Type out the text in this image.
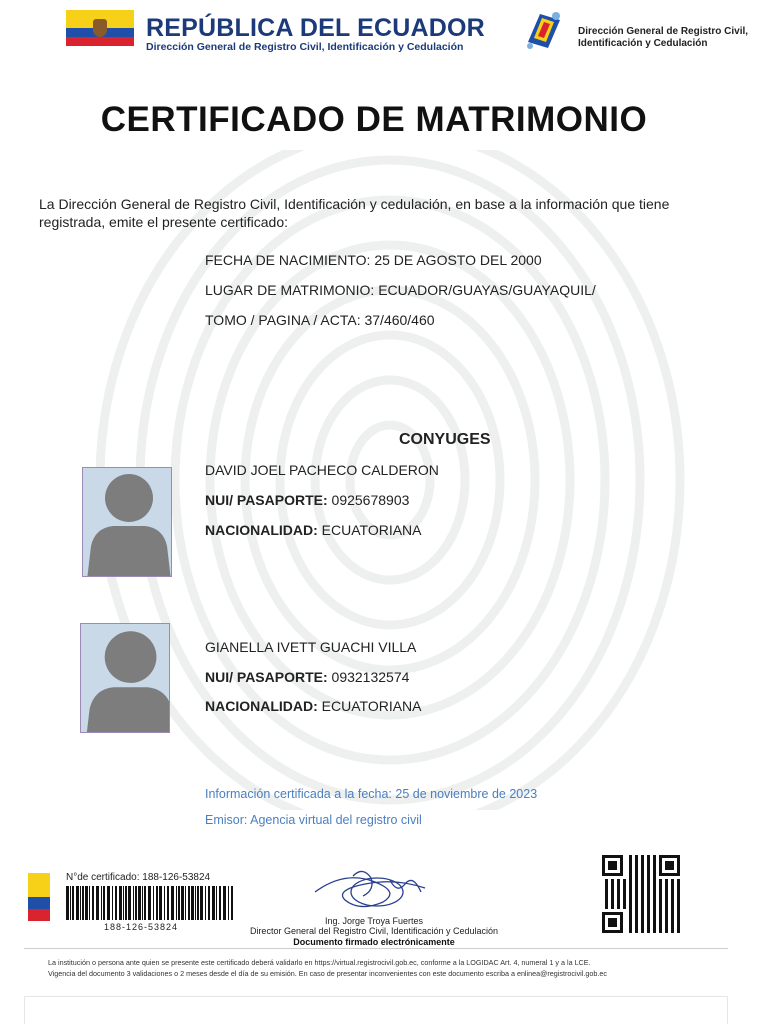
REPÚBLICA DEL ECUADOR
Dirección General de Registro Civil, Identificación y Cedulación
Dirección General de Registro Civil,
Identificación y Cedulación
CERTIFICADO DE MATRIMONIO
La Dirección General de Registro Civil, Identificación y cedulación, en base a la información que tiene registrada, emite el presente certificado:
FECHA DE NACIMIENTO: 25 DE AGOSTO DEL 2000
LUGAR DE MATRIMONIO: ECUADOR/GUAYAS/GUAYAQUIL/
TOMO / PAGINA / ACTA: 37/460/460
CONYUGES
DAVID JOEL PACHECO CALDERON
NUI/ PASAPORTE: 0925678903
NACIONALIDAD: ECUATORIANA
GIANELLA IVETT GUACHI VILLA
NUI/ PASAPORTE: 0932132574
NACIONALIDAD: ECUATORIANA
Información certificada a la fecha: 25 de noviembre de 2023
Emisor: Agencia virtual del registro civil
N°de certificado: 188-126-53824
188-126-53824
Ing. Jorge Troya Fuertes
Director General del Registro Civil, Identificación y Cedulación
Documento firmado electrónicamente
La institución o persona ante quien se presente este certificado deberá validarlo en https://virtual.registrocivil.gob.ec, conforme a la LOGIDAC Art. 4, numeral 1 y a la LCE.
Vigencia del documento 3 validaciones o 2 meses desde el día de su emisión. En caso de presentar inconvenientes con este documento escriba a enlinea@registrocivil.gob.ec
